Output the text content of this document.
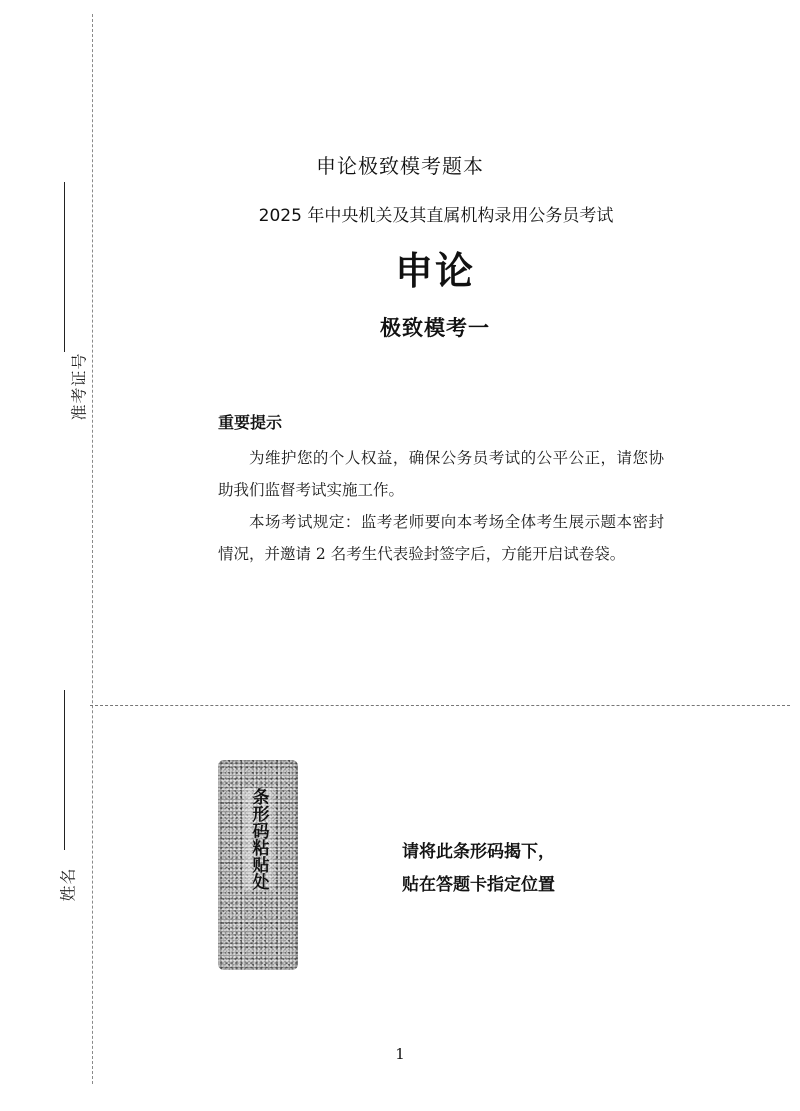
准考证号
姓名
申论极致模考题本
2025 年中央机关及其直属机构录用公务员考试
申论
极致模考一
重要提示

为维护您的个人权益，确保公务员考试的公平公正，请您协助我们监督考试实施工作。

本场考试规定：监考老师要向本考场全体考生展示题本密封情况，并邀请 2 名考生代表验封签字后，方能开启试卷袋。

条形码粘贴处	请将此条形码揭下，
贴在答题卡指定位置
1
